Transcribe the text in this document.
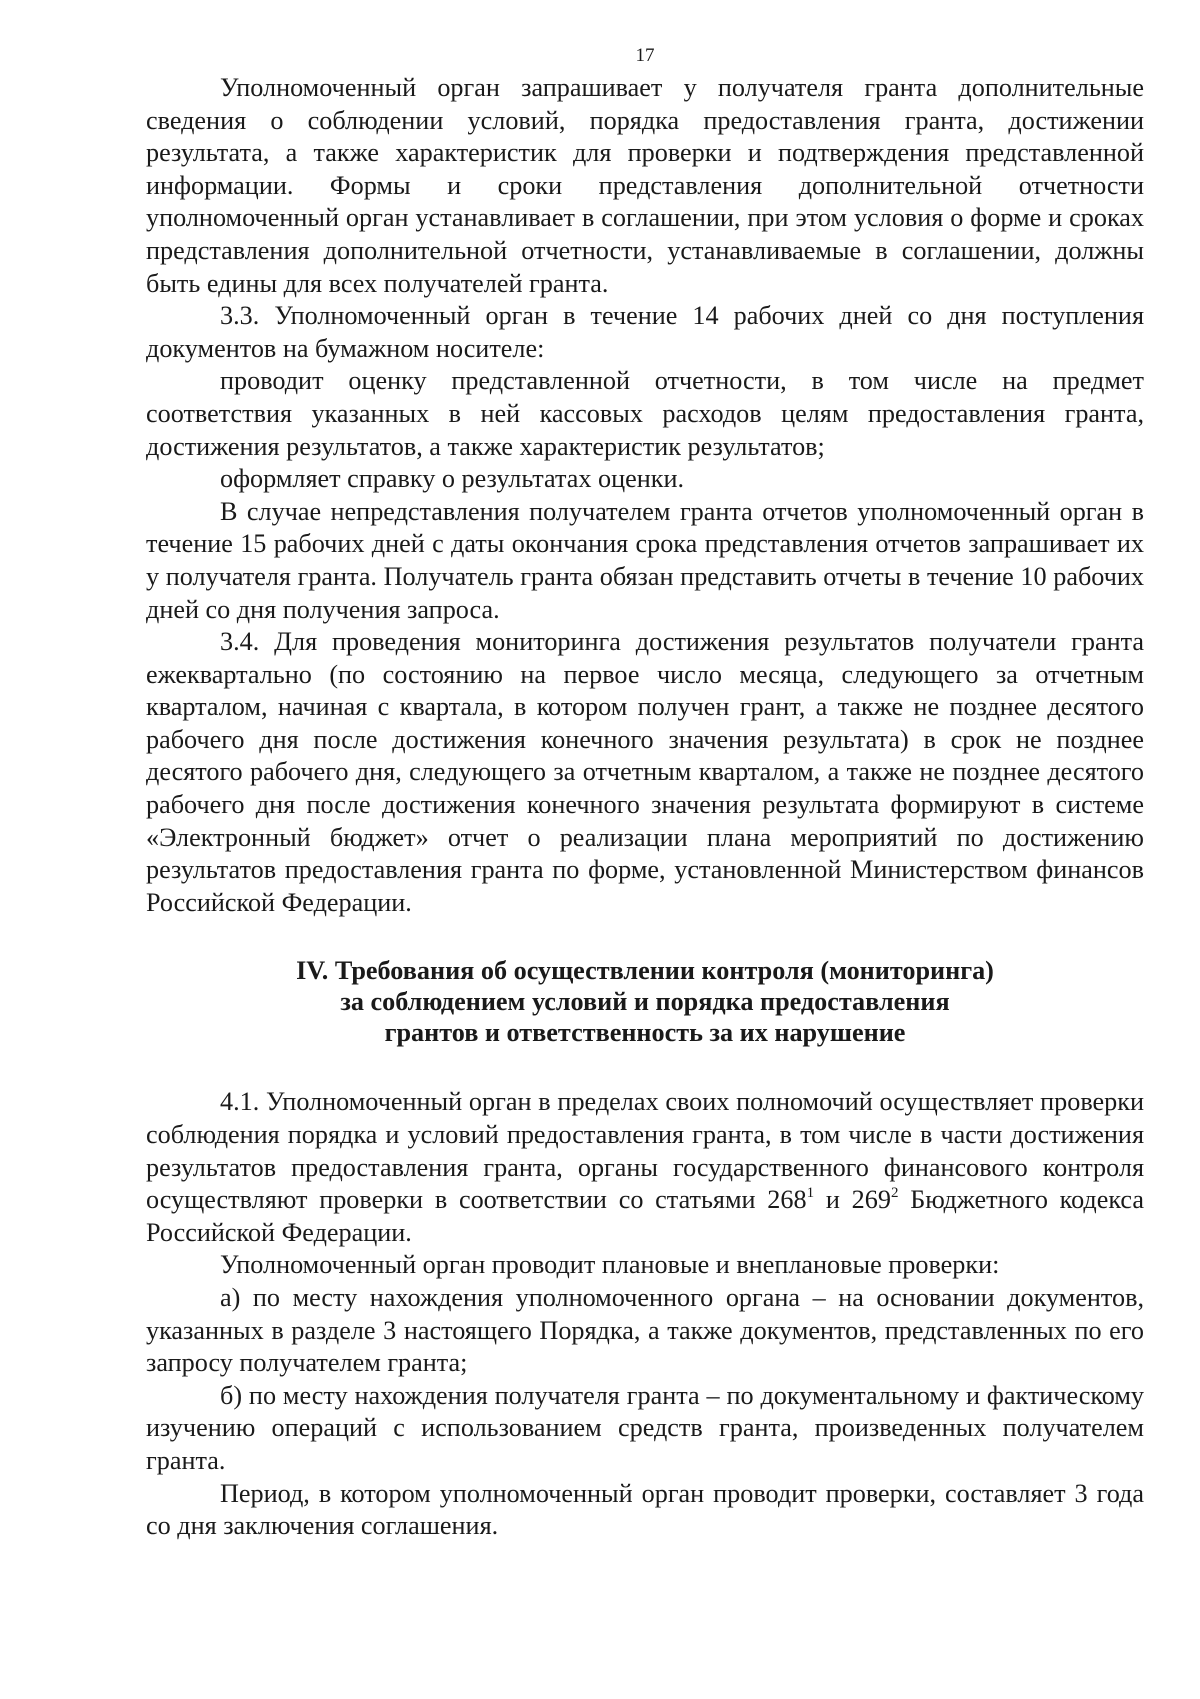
17

Уполномоченный орган запрашивает у получателя гранта дополнительные сведения о соблюдении условий, порядка предоставления гранта, достижении результата, а также характеристик для проверки и подтверждения представленной информации. Формы и сроки представления дополнительной отчетности уполномоченный орган устанавливает в соглашении, при этом условия о форме и сроках представления дополнительной отчетности, устанавливаемые в соглашении, должны быть едины для всех получателей гранта.

3.3. Уполномоченный орган в течение 14 рабочих дней со дня поступления документов на бумажном носителе:

проводит оценку представленной отчетности, в том числе на предмет соответствия указанных в ней кассовых расходов целям предоставления гранта, достижения результатов, а также характеристик результатов;

оформляет справку о результатах оценки.

В случае непредставления получателем гранта отчетов уполномоченный орган в течение 15 рабочих дней с даты окончания срока представления отчетов запрашивает их у получателя гранта. Получатель гранта обязан представить отчеты в течение 10 рабочих дней со дня получения запроса.

3.4. Для проведения мониторинга достижения результатов получатели гранта ежеквартально (по состоянию на первое число месяца, следующего за отчетным кварталом, начиная с квартала, в котором получен грант, а также не позднее десятого рабочего дня после достижения конечного значения результата) в срок не позднее десятого рабочего дня, следующего за отчетным кварталом, а также не позднее десятого рабочего дня после достижения конечного значения результата формируют в системе «Электронный бюджет» отчет о реализации плана мероприятий по достижению результатов предоставления гранта по форме, установленной Министерством финансов Российской Федерации.

IV. Требования об осуществлении контроля (мониторинга)
за соблюдением условий и порядка предоставления
грантов и ответственность за их нарушение

4.1. Уполномоченный орган в пределах своих полномочий осуществляет проверки соблюдения порядка и условий предоставления гранта, в том числе в части достижения результатов предоставления гранта, органы государственного финансового контроля осуществляют проверки в соответствии со статьями $268^1$ и $269^2$ Бюджетного кодекса Российской Федерации.

Уполномоченный орган проводит плановые и внеплановые проверки:

а) по месту нахождения уполномоченного органа – на основании документов, указанных в разделе 3 настоящего Порядка, а также документов, представленных по его запросу получателем гранта;

б) по месту нахождения получателя гранта – по документальному и фактическому изучению операций с использованием средств гранта, произведенных получателем гранта.

Период, в котором уполномоченный орган проводит проверки, составляет 3 года со дня заключения соглашения.
